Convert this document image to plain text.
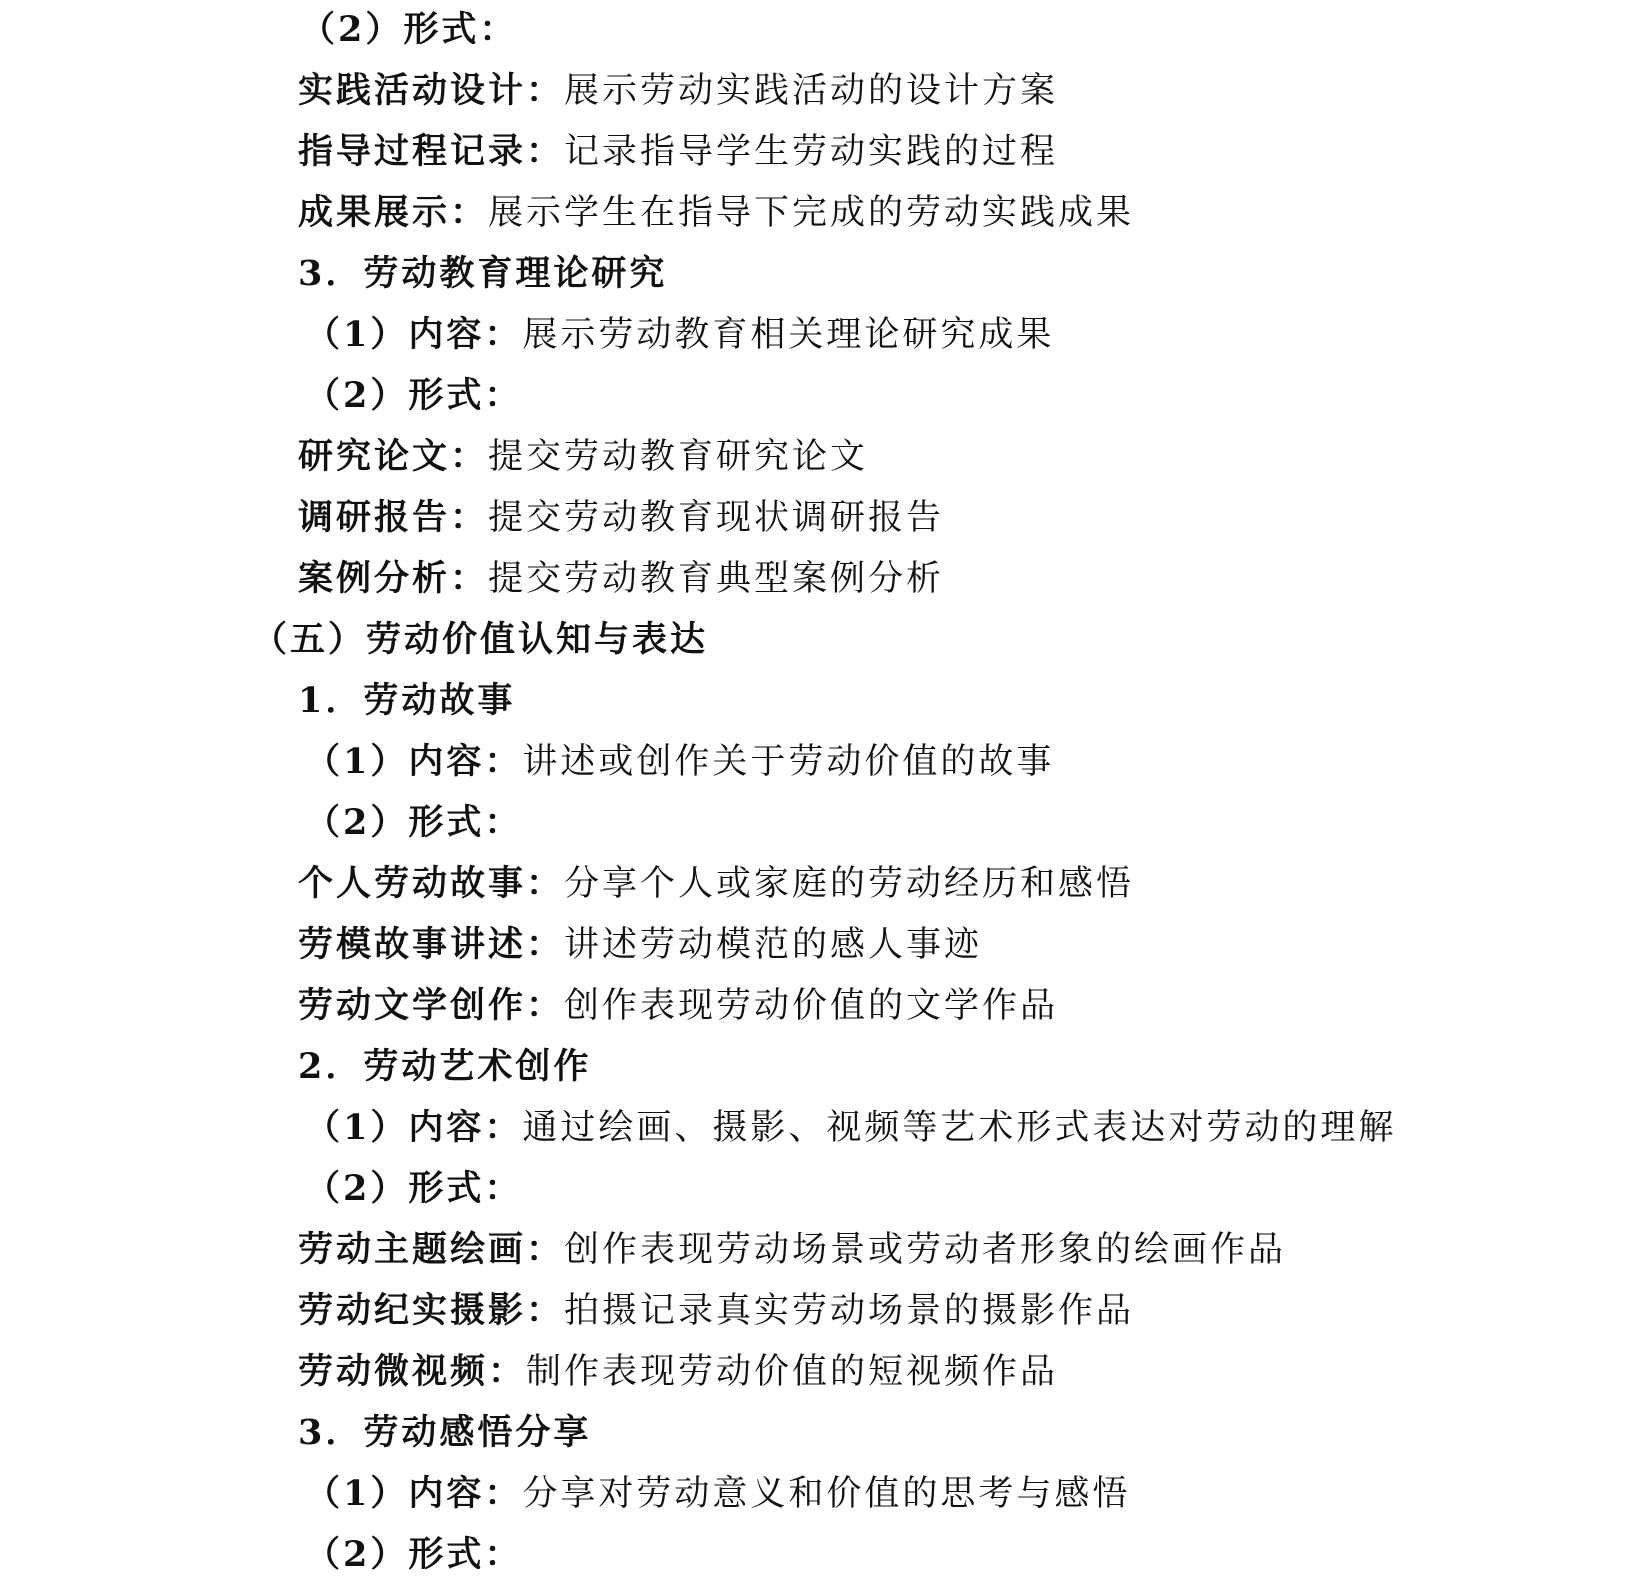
（2）形式：
实践活动设计：展示劳动实践活动的设计方案
指导过程记录：记录指导学生劳动实践的过程
成果展示：展示学生在指导下完成的劳动实践成果
3．劳动教育理论研究
（1）内容：展示劳动教育相关理论研究成果
（2）形式：
研究论文：提交劳动教育研究论文
调研报告：提交劳动教育现状调研报告
案例分析：提交劳动教育典型案例分析
（五）劳动价值认知与表达
1．劳动故事
（1）内容：讲述或创作关于劳动价值的故事
（2）形式：
个人劳动故事：分享个人或家庭的劳动经历和感悟
劳模故事讲述：讲述劳动模范的感人事迹
劳动文学创作：创作表现劳动价值的文学作品
2．劳动艺术创作
（1）内容：通过绘画、摄影、视频等艺术形式表达对劳动的理解
（2）形式：
劳动主题绘画：创作表现劳动场景或劳动者形象的绘画作品
劳动纪实摄影：拍摄记录真实劳动场景的摄影作品
劳动微视频：制作表现劳动价值的短视频作品
3．劳动感悟分享
（1）内容：分享对劳动意义和价值的思考与感悟
（2）形式：
